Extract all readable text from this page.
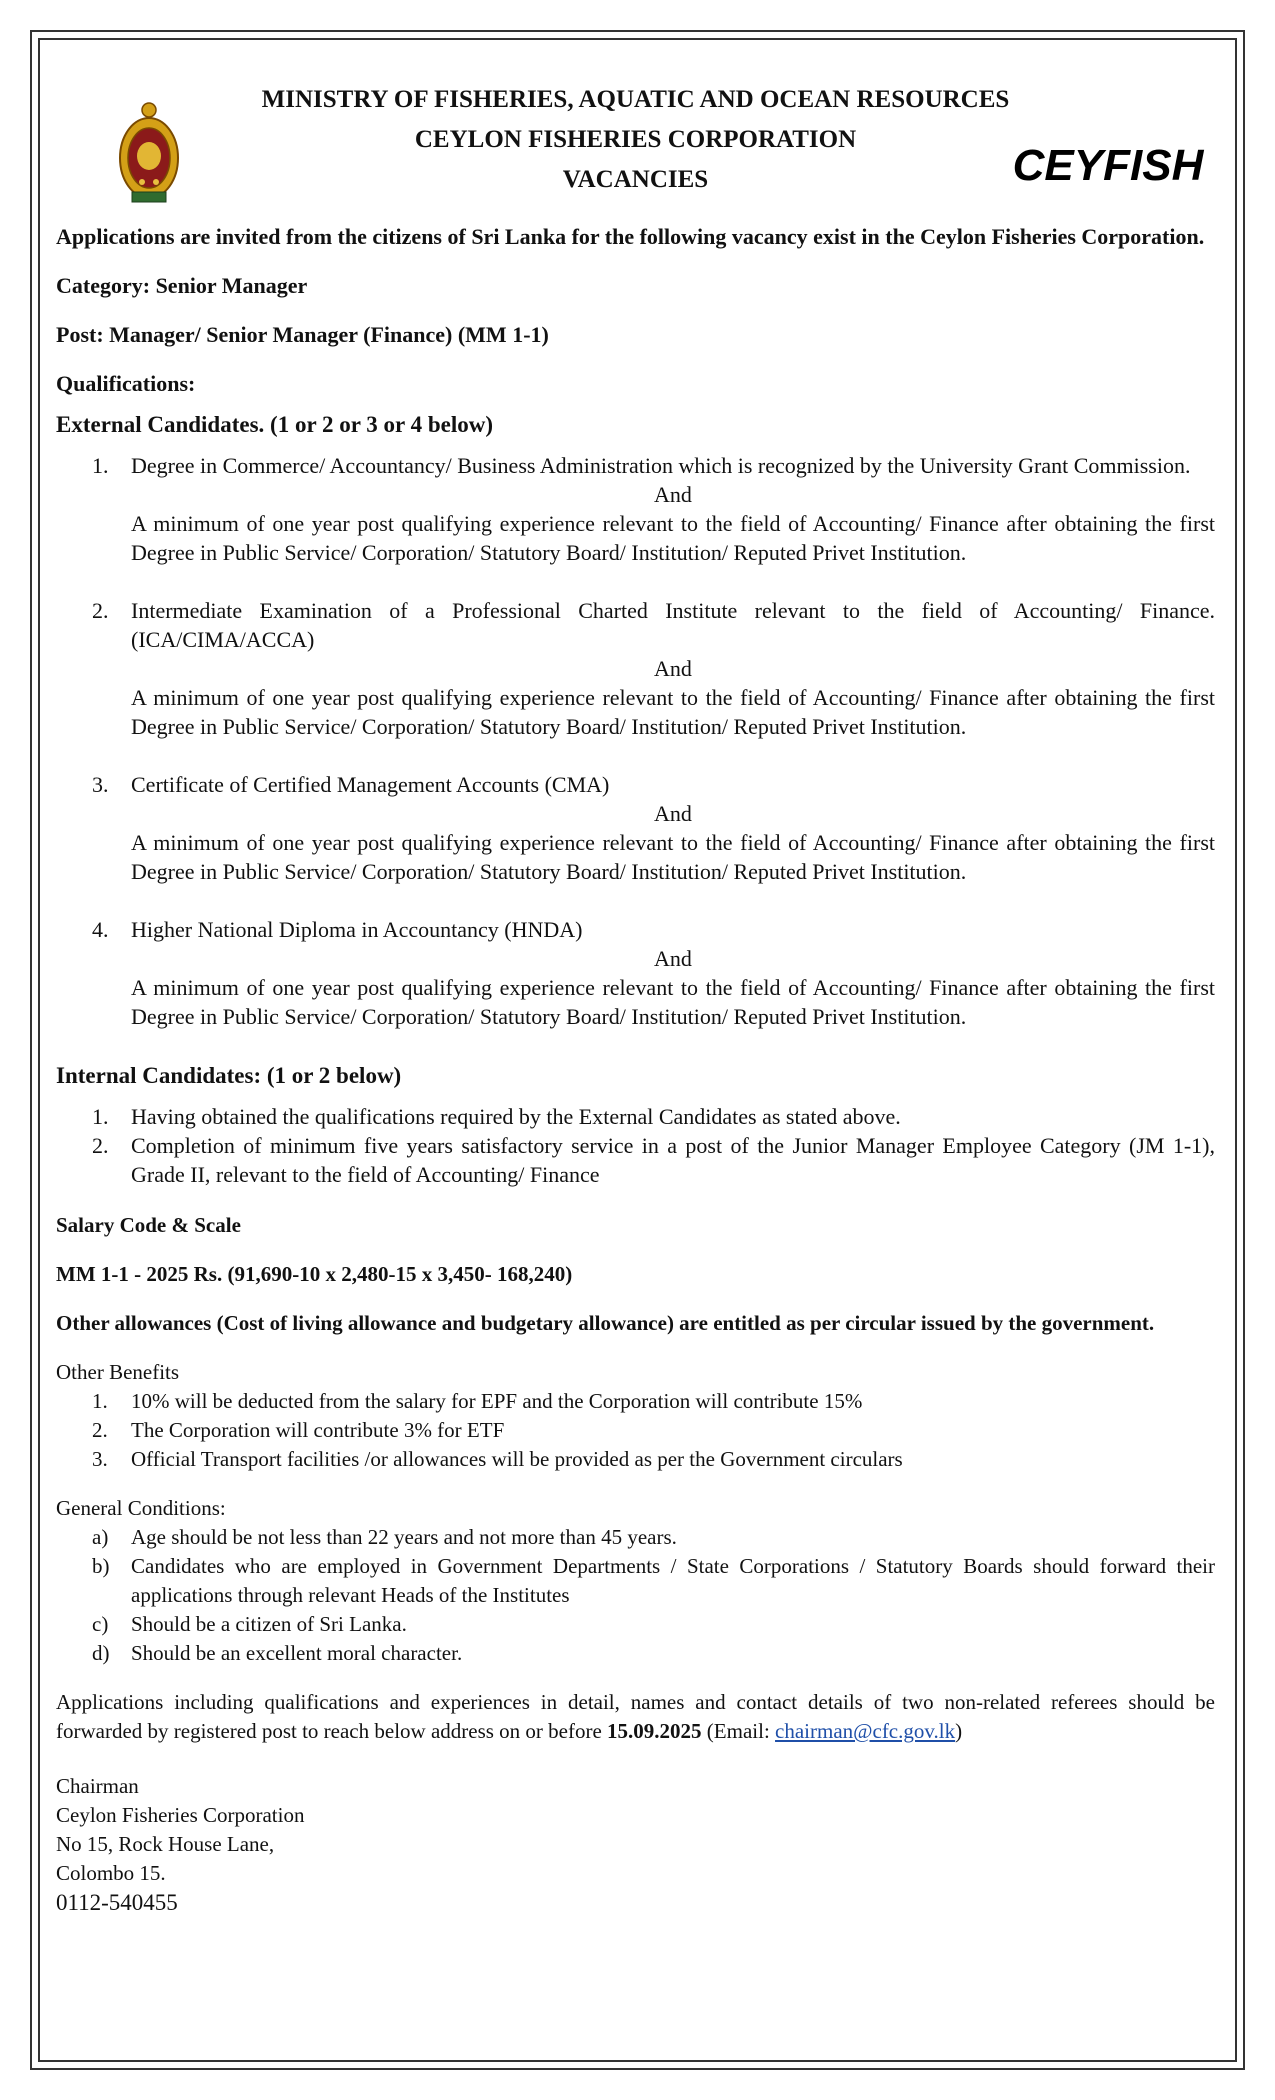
CEYFISH
MINISTRY OF FISHERIES, AQUATIC AND OCEAN RESOURCES
CEYLON FISHERIES CORPORATION
VACANCIES

Applications are invited from the citizens of Sri Lanka for the following vacancy exist in the Ceylon Fisheries Corporation.

Category: Senior Manager

Post: Manager/ Senior Manager (Finance) (MM 1-1)

Qualifications:

External Candidates. (1 or 2 or 3 or 4 below)

1. Degree in Commerce/ Accountancy/ Business Administration which is recognized by the University Grant Commission.
And
A minimum of one year post qualifying experience relevant to the field of Accounting/ Finance after obtaining the first Degree in Public Service/ Corporation/ Statutory Board/ Institution/ Reputed Privet Institution.
2. Intermediate Examination of a Professional Charted Institute relevant to the field of Accounting/ Finance. (ICA/CIMA/ACCA)
And
A minimum of one year post qualifying experience relevant to the field of Accounting/ Finance after obtaining the first Degree in Public Service/ Corporation/ Statutory Board/ Institution/ Reputed Privet Institution.
3. Certificate of Certified Management Accounts (CMA)
And
A minimum of one year post qualifying experience relevant to the field of Accounting/ Finance after obtaining the first Degree in Public Service/ Corporation/ Statutory Board/ Institution/ Reputed Privet Institution.
4. Higher National Diploma in Accountancy (HNDA)
And
A minimum of one year post qualifying experience relevant to the field of Accounting/ Finance after obtaining the first Degree in Public Service/ Corporation/ Statutory Board/ Institution/ Reputed Privet Institution.

Internal Candidates: (1 or 2 below)

1. Having obtained the qualifications required by the External Candidates as stated above.
2. Completion of minimum five years satisfactory service in a post of the Junior Manager Employee Category (JM 1-1), Grade II, relevant to the field of Accounting/ Finance

Salary Code & Scale

MM 1-1 - 2025 Rs. (91,690-10 x 2,480-15 x 3,450- 168,240)

Other allowances (Cost of living allowance and budgetary allowance) are entitled as per circular issued by the government.

Other Benefits

1. 10% will be deducted from the salary for EPF and the Corporation will contribute 15%
2. The Corporation will contribute 3% for ETF
3. Official Transport facilities /or allowances will be provided as per the Government circulars

General Conditions:

a) Age should be not less than 22 years and not more than 45 years.
b) Candidates who are employed in Government Departments / State Corporations / Statutory Boards should forward their applications through relevant Heads of the Institutes
c) Should be a citizen of Sri Lanka.
d) Should be an excellent moral character.

Applications including qualifications and experiences in detail, names and contact details of two non-related referees should be forwarded by registered post to reach below address on or before 15.09.2025 (Email: chairman@cfc.gov.lk)

Chairman
Ceylon Fisheries Corporation
No 15, Rock House Lane,
Colombo 15.
0112-540455
